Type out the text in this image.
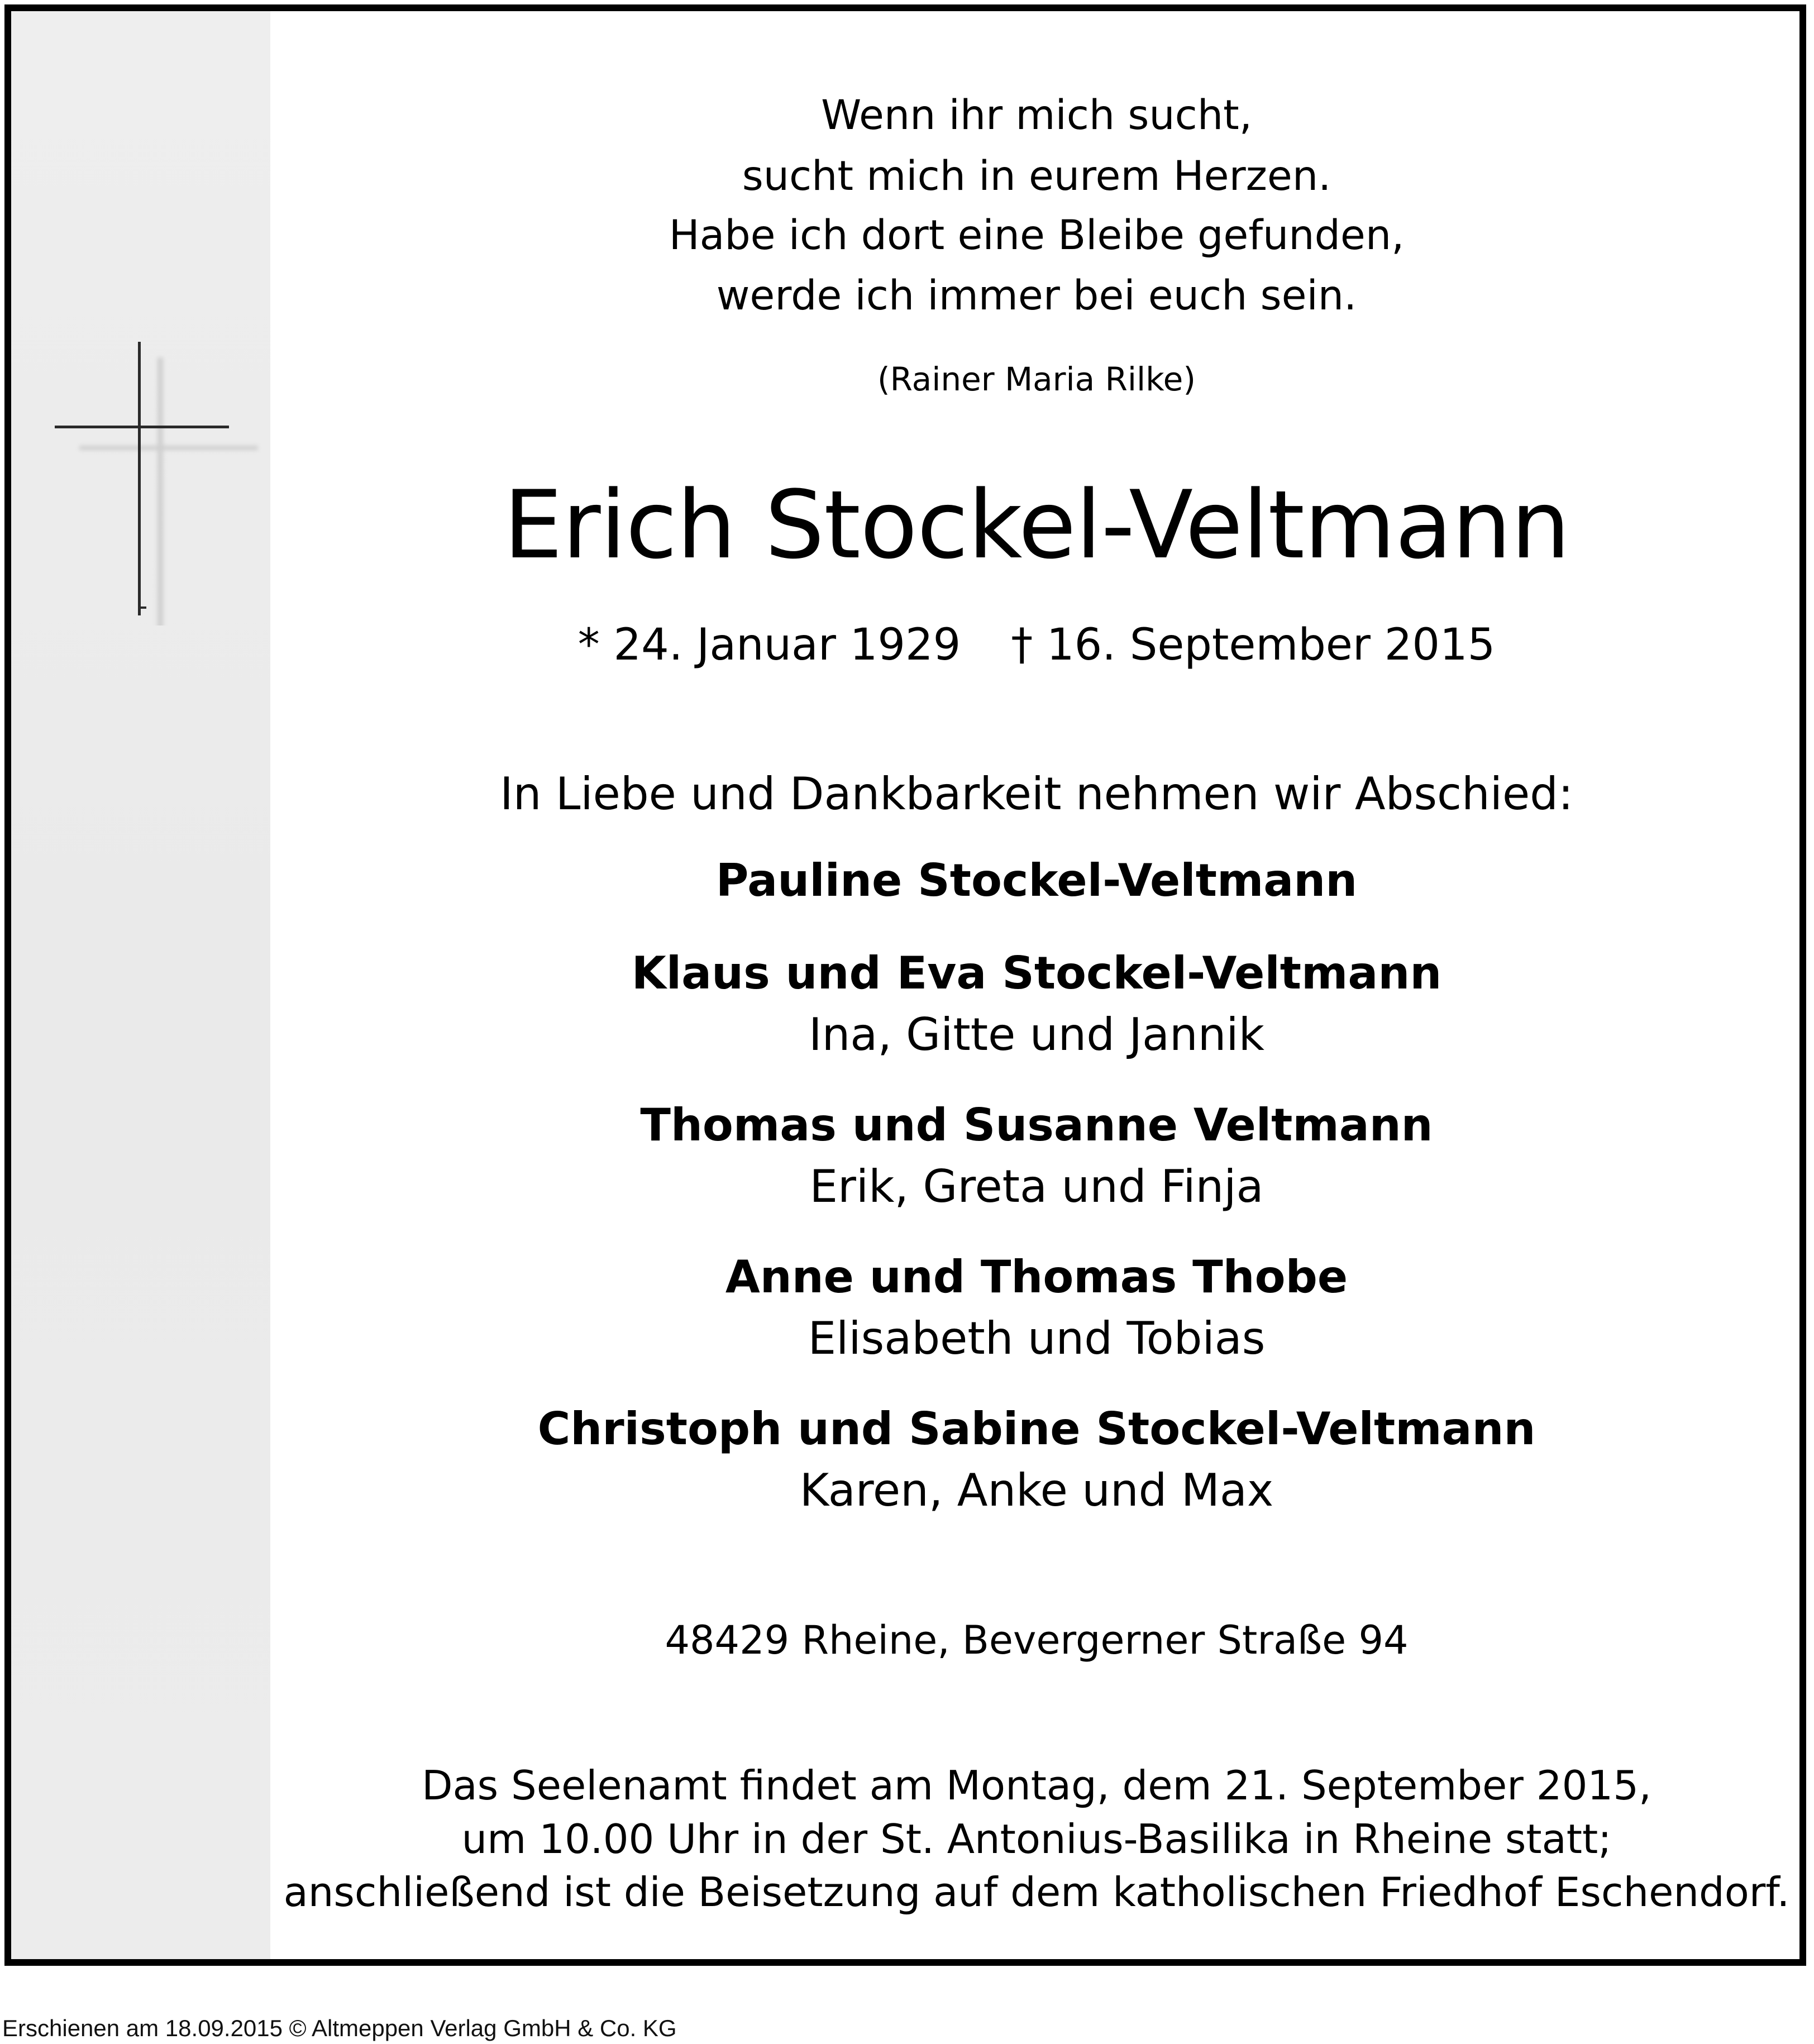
Wenn ihr mich sucht,
sucht mich in eurem Herzen.
Habe ich dort eine Bleibe gefunden,
werde ich immer bei euch sein.
(Rainer Maria Rilke)
Erich Stockel-Veltmann
* 24. Januar 1929 † 16. September 2015
In Liebe und Dankbarkeit nehmen wir Abschied:
Pauline Stockel-Veltmann
Klaus und Eva Stockel-Veltmann
Ina, Gitte und Jannik
Thomas und Susanne Veltmann
Erik, Greta und Finja
Anne und Thomas Thobe
Elisabeth und Tobias
Christoph und Sabine Stockel-Veltmann
Karen, Anke und Max
48429 Rheine, Bevergerner Straße 94
Das Seelenamt findet am Montag, dem 21. September 2015,
um 10.00 Uhr in der St. Antonius-Basilika in Rheine statt;
anschließend ist die Beisetzung auf dem katholischen Friedhof Eschendorf.
Erschienen am 18.09.2015 © Altmeppen Verlag GmbH & Co. KG
